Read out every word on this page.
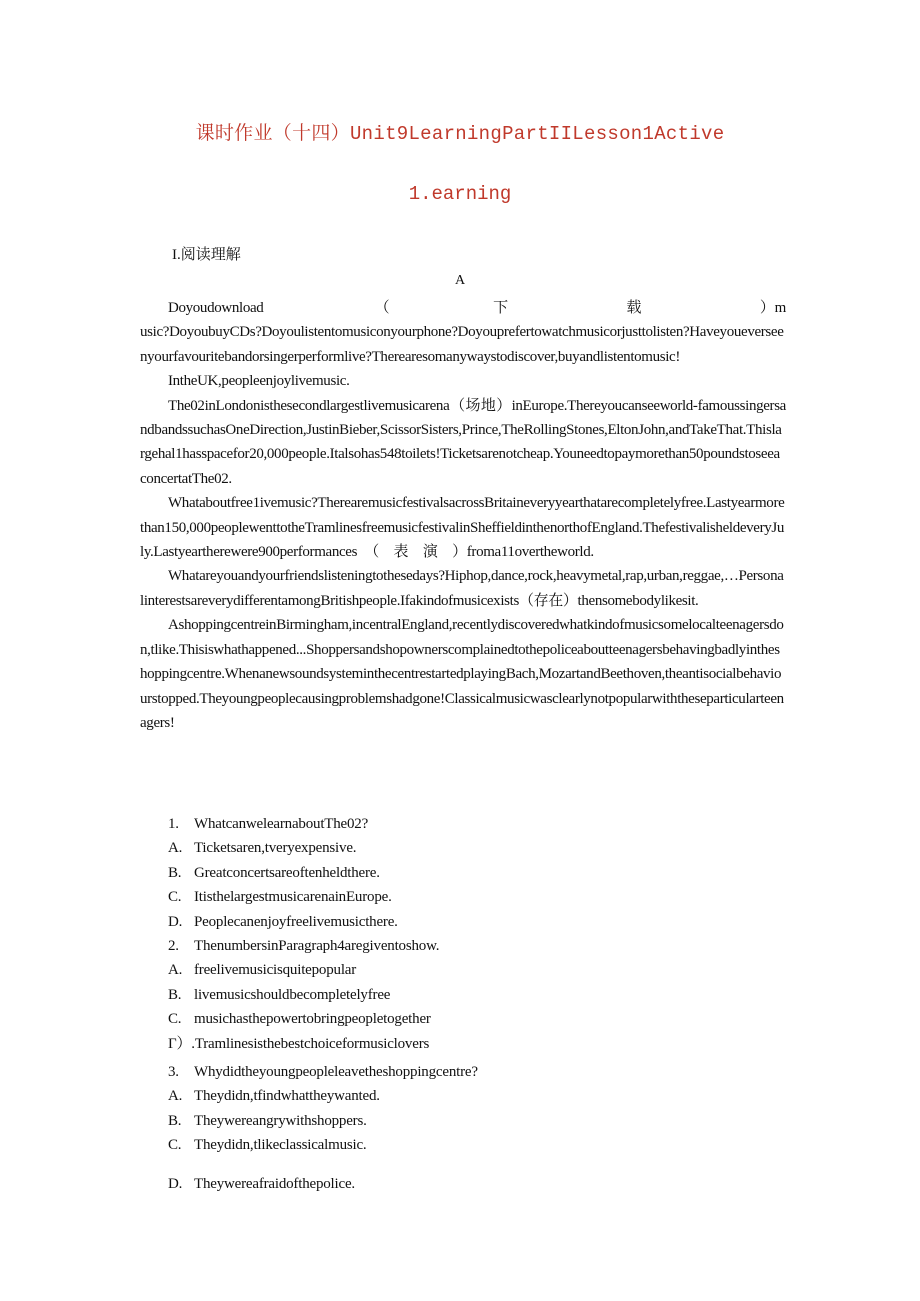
课时作业（十四）Unit9LearningPartIILesson1Active
1.earning
I.阅读理解
A

Doyoudownload　　　　　　　　（　　　　　　　下　　　　　　　　载　　　　　　　　）music?DoyoubuyCDs?Doyoulistentomusiconyourphone?Doyouprefertowatchmusicorjusttolisten?Haveyoueverseenyourfavouritebandorsingerperformlive?Therearesomanywaystodiscover,buyandlistentomusic!

IntheUK,peopleenjoylivemusic.

The02inLondonisthesecondlargestlivemusicarena（场地）inEurope.Thereyoucanseeworld-famoussingersandbandssuchasOneDirection,JustinBieber,ScissorSisters,Prince,TheRollingStones,EltonJohn,andTakeThat.Thislargehal1hasspacefor20,000people.Italsohas548toilets!Ticketsarenotcheap.Youneedtopaymorethan50poundstoseeaconcertatThe02.

Whataboutfree1ivemusic?TherearemusicfestivalsacrossBritaineveryyearthatarecompletelyfree.Lastyearmorethan150,000peoplewenttotheTramlinesfreemusicfestivalinSheffieldinthenorthofEngland.ThefestivalisheldeveryJuly.Lastyeartherewere900performances　（　表　演　）froma11overtheworld.

Whatareyouandyourfriendslisteningtothesedays?Hiphop,dance,rock,heavymetal,rap,urban,reggae,…PersonalinterestsareverydifferentamongBritishpeople.Ifakindofmusicexists（存在）thensomebodylikesit.

AshoppingcentreinBirmingham,incentralEngland,recentlydiscoveredwhatkindofmusicsomelocalteenagersdon,tlike.Thisiswhathappened...Shoppersandshopownerscomplainedtothepoliceaboutteenagersbehavingbadlyintheshoppingcentre.WhenanewsoundsysteminthecentrestartedplayingBach,MozartandBeethoven,theantisocialbehaviourstopped.Theyoungpeoplecausingproblemshadgone!Classicalmusicwasclearlynotpopularwiththeseparticularteenagers!

1. WhatcanwelearnaboutThe02?
A. Ticketsaren,tveryexpensive.
B. Greatconcertsareoftenheldthere.
C. ItisthelargestmusicarenainEurope.
D. Peoplecanenjoyfreelivemusicthere.
2. ThenumbersinParagraph4aregiventoshow.
A. freelivemusicisquitepopular
B. livemusicshouldbecompletelyfree
C. musichasthepowertobringpeopletogether
Γ）.Tramlinesisthebestchoiceformusiclovers
3. Whydidtheyoungpeopleleavetheshoppingcentre?
A. Theydidn,tfindwhattheywanted.
B. Theywereangrywithshoppers.
C. Theydidn,tlikeclassicalmusic.
D. Theywereafraidofthepolice.
